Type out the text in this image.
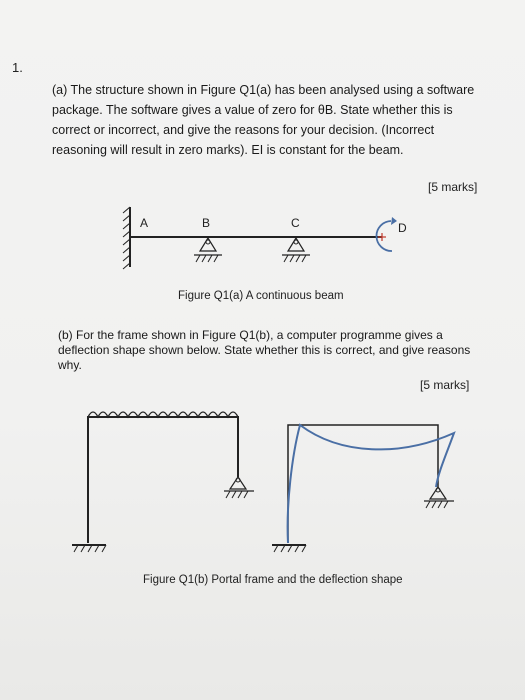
1.
(a) The structure shown in Figure Q1(a) has been analysed using a software package. The software gives a value of zero for θB. State whether this is correct or incorrect, and give the reasons for your decision. (Incorrect reasoning will result in zero marks). EI is constant for the beam.
[5 marks]
A	B	C	D
Figure Q1(a) A continuous beam
(b) For the frame shown in Figure Q1(b), a computer programme gives a deflection shape shown below. State whether this is correct, and give reasons why.
[5 marks]
Figure Q1(b) Portal frame and the deflection shape
